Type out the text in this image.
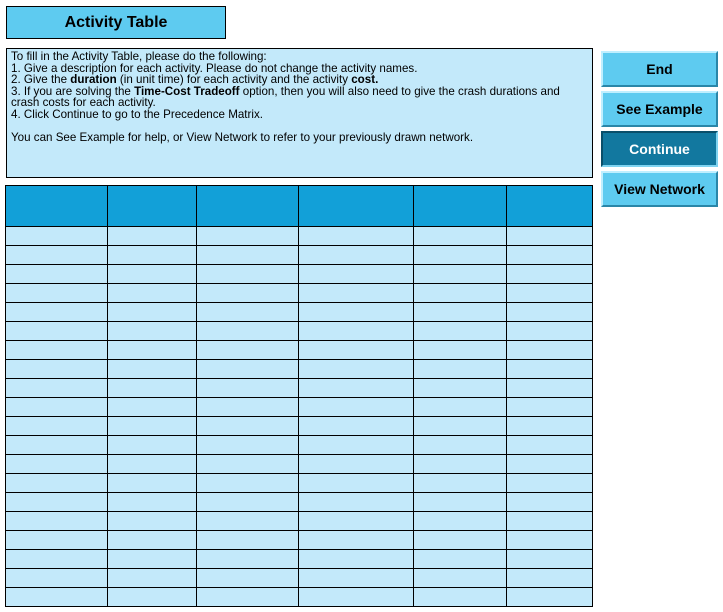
Activity Table
To fill in the Activity Table, please do the following:
1. Give a description for each activity. Please do not change the activity names.
2. Give the duration (in unit time) for each activity and the activity cost.
3. If you are solving the Time-Cost Tradeoff option, then you will also need to give the crash durations and crash costs for each activity.
4. Click Continue to go to the Precedence Matrix.
You can See Example for help, or View Network to refer to your previously drawn network.
End
See Example
Continue
View Network
